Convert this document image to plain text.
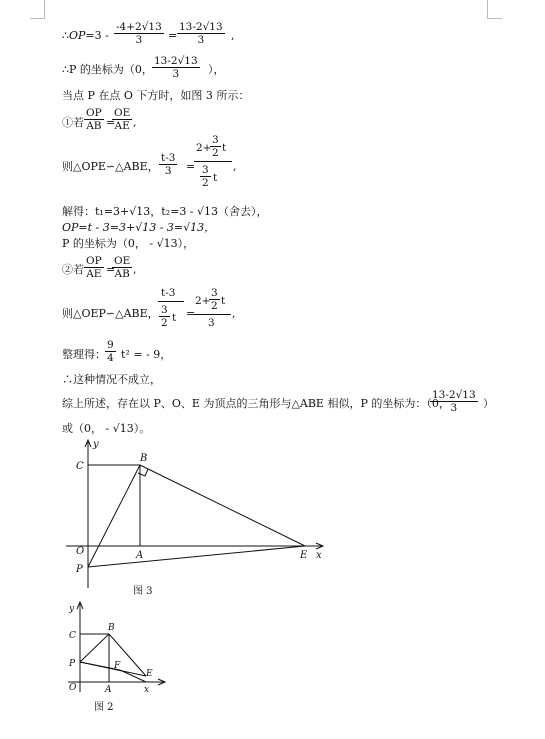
∴OP=3 - $\frac{-4+2√13}{3} = \frac{13-2√13}{3}$ ,
∴P 的坐标为（0， $\frac{13-2√13}{3}$ ），
当点 P 在点 O 下方时，如图 3 所示：
①若 $\frac{OP}{AB}$ =
$\frac{OE}{AE}$ ,
则△OPE∽△ABE， $\frac{t-3}{3}$ =
2+
$\frac{3}{2}$ t
$\frac{3}{2}$ t
,
解得：t₁=3+√13，t₂=3 - √13（舍去），
OP=t - 3=3+√13 - 3=√13，
P 的坐标为（0， - √13），
②若 $\frac{OP}{AE}$ =
$\frac{OE}{AB}$ ,
则△OEP∽△ABE，
t-3
$\frac{3}{2}$ t =
2+
$\frac{3}{2}$ t
3
,
整理得： $\frac{9}{4} t^2$ = - 9，
∴这种情况不成立，
综上所述，存在以 P、O、E 为顶点的三角形与△ABE 相似，P 的坐标为：（0，
$\frac{13-2√13}{3}$ ）
或（0， - √13）。
y
C
B
O	A
P
E x
图 3
y
C
B
P	F
E
O	A	x
图 2
